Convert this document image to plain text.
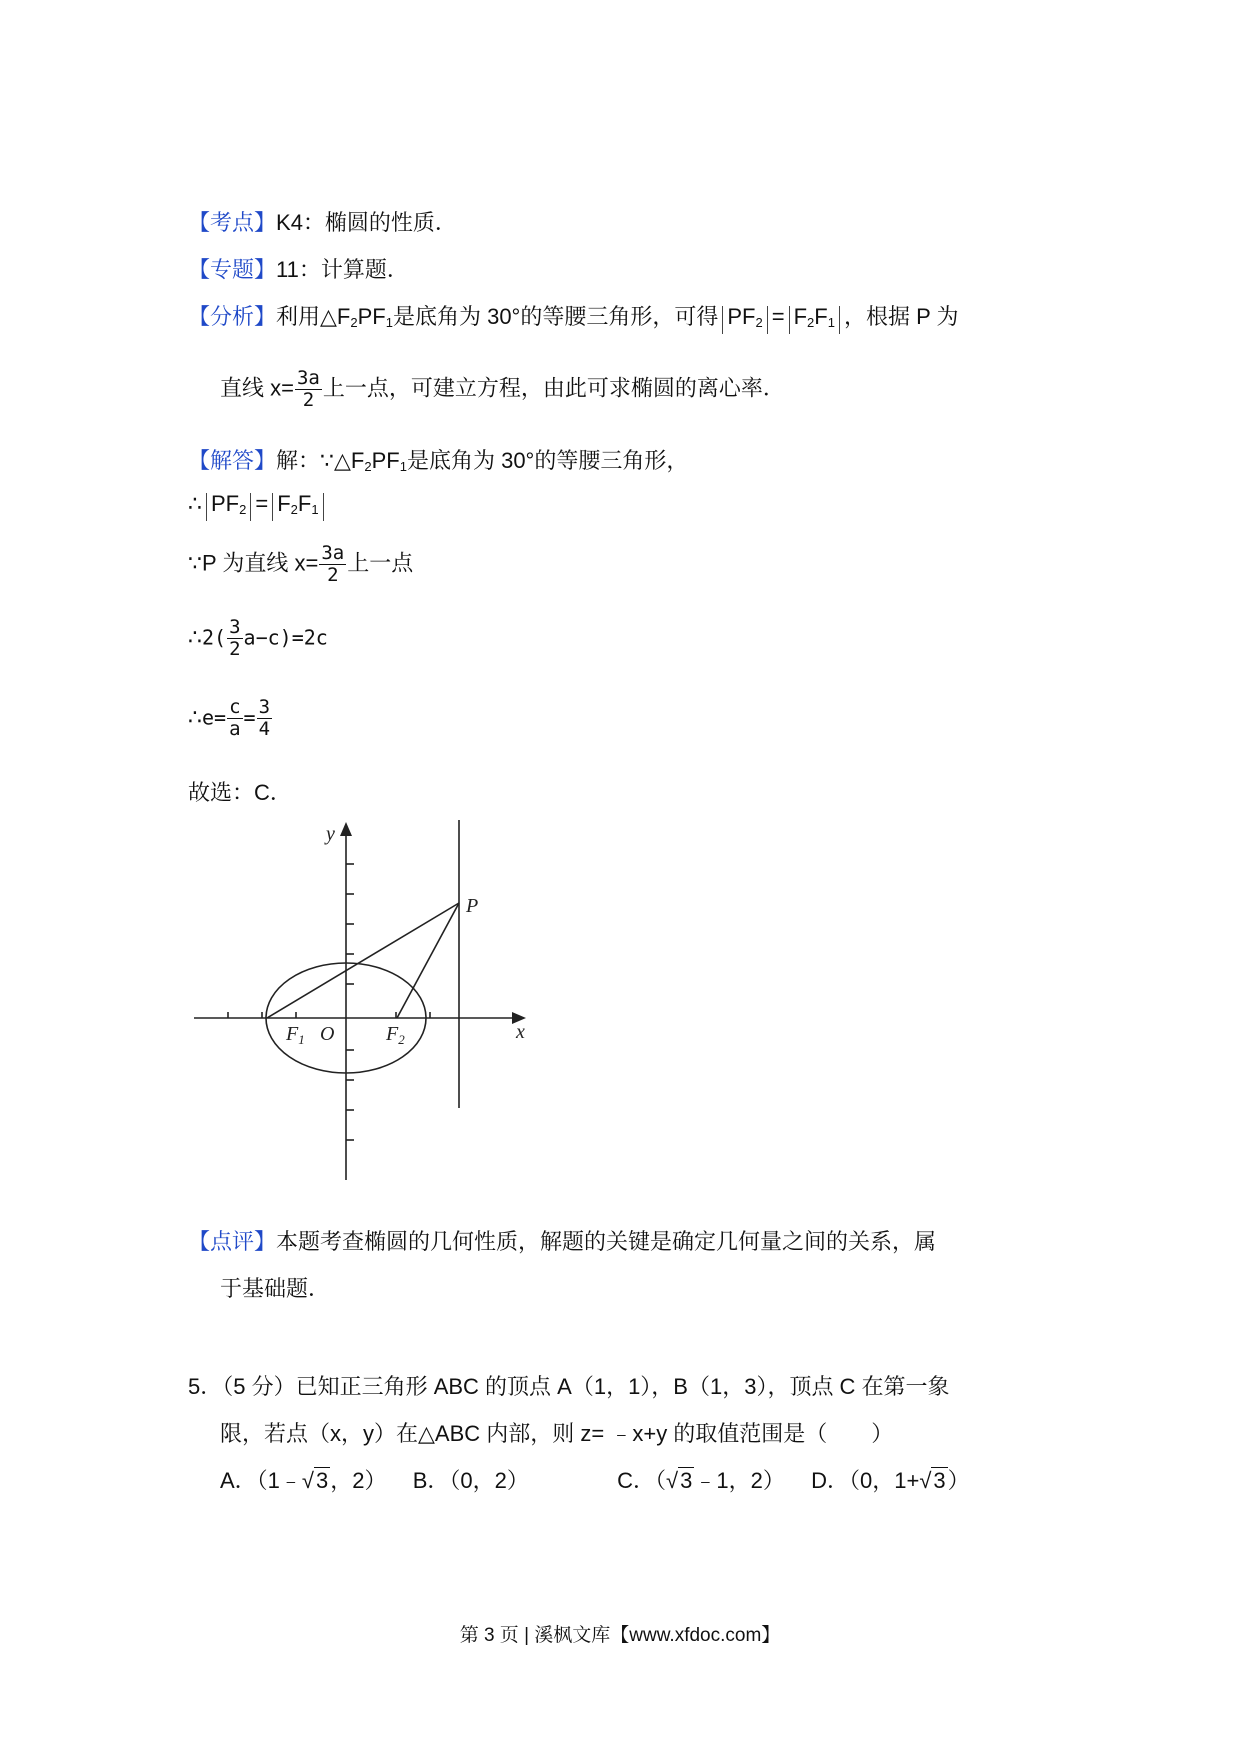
【考点】K4：椭圆的性质．
【专题】11：计算题．
【分析】利用$\triangle F_2PF_1$是底角为 30°的等腰三角形，可得 $PF_2 = F_2F_1$ ，根据 P 为
直线 $x= \frac{3a}{2}$ 上一点，可建立方程，由此可求椭圆的离心率．
【解答】解：$\because\triangle F_2PF_1$是底角为 30°的等腰三角形，
∴ $PF_2 = F_2F_1$
∵P 为直线 $x= \frac{3a}{2}$ 上一点
∴2( $\frac{3}{2} a-c)=2c$
∴e= $\frac{c}{a} = \frac{3}{4}$
故选：C．
y
x
O
P
$F_1$	$F_2$
【点评】本题考查椭圆的几何性质，解题的关键是确定几何量之间的关系，属
于基础题．
5．（5 分）已知正三角形 ABC 的顶点 A（1，1），B（1，3），顶点 C 在第一象
限，若点（x，y）在△ABC 内部，则 z= ﹣x+y 的取值范围是（　　）
A．（1﹣√3，2） B．（0，2）	C．（√3﹣1，2） D．（0，1+√3）
第 3 页 | 溪枫文库【www.xfdoc.com】
